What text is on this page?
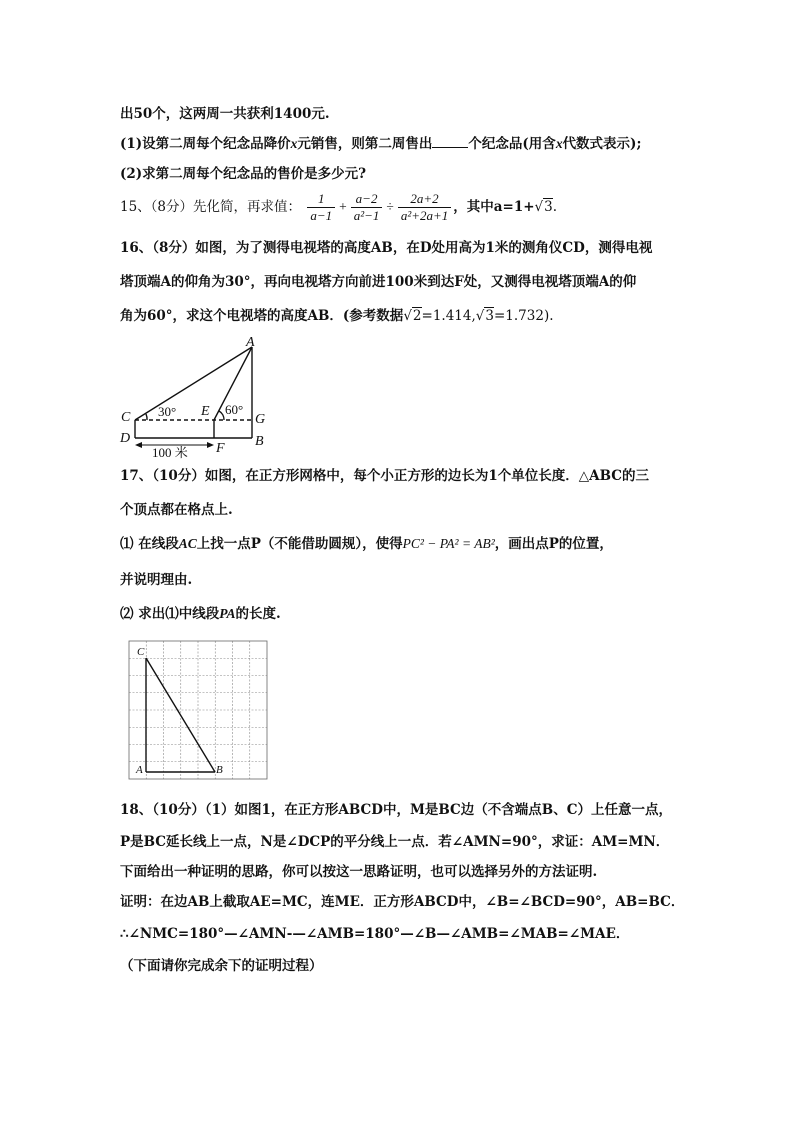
出50个，这两周一共获利1400元.
(1)设第二周每个纪念品降价x元销售，则第二周售出	个纪念品(用含x代数式表示);
(2)求第二周每个纪念品的售价是多少元?
15、（8分）先化简，再求值： $\frac{1}{a-1} + \frac{a-2}{\text{a²−1}} \div \frac{2a+2}{\text{a²+2a+1}}$ ，其中a=1+√3.
16、（8分）如图，为了测得电视塔的高度AB，在D处用高为1米的测角仪CD，测得电视
塔顶端A的仰角为30°，再向电视塔方向前进100米到达F处，又测得电视塔顶端A的仰
角为60°，求这个电视塔的高度AB．(参考数据√2=1.414,√3=1.732).
A
C	E
G
D
F B
30°	60°
100 米
17、（10分）如图，在正方形网格中，每个小正方形的边长为1个单位长度．△ABC的三
个顶点都在格点上.
⑴ 在线段AC上找一点P（不能借助圆规），使得PC² − PA² = AB²，画出点P的位置，
并说明理由.
⑵ 求出⑴中线段PA的长度.
C
A	B
18、（10分）（1）如图1，在正方形ABCD中，M是BC边（不含端点B、C）上任意一点，
P是BC延长线上一点，N是∠DCP的平分线上一点．若∠AMN=90°，求证：AM=MN．
下面给出一种证明的思路，你可以按这一思路证明，也可以选择另外的方法证明.
证明：在边AB上截取AE=MC，连ME．正方形ABCD中，∠B=∠BCD=90°，AB=BC．
∴∠NMC=180°—∠AMN-—∠AMB=180°—∠B—∠AMB=∠MAB=∠MAE．
（下面请你完成余下的证明过程）
